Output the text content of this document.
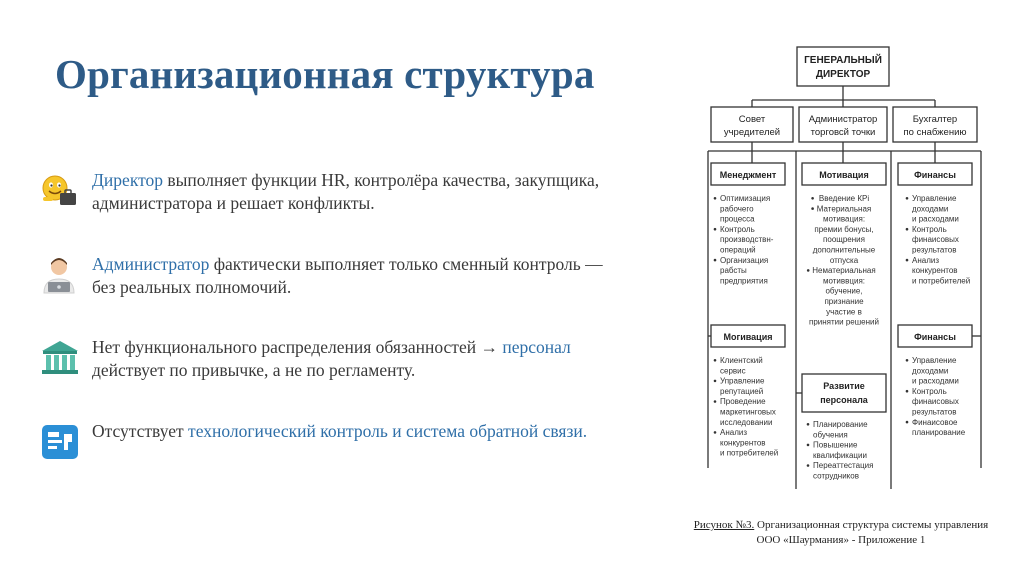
Организационная структура
Директор выполняет функции HR, контролёра качества, закупщика, администратора и решает конфликты.
Администратор фактически выполняет только сменный контроль — без реальных полномочий.
Нет функционального распределения обязанностей → персонал действует по привычке, а не по регламенту.
Отсутствует технологический контроль и система обратной связи.
ГЕНЕРАЛЬНЫЙ
ДИРЕКТОР
Совет
учредителей
Администратор
торговсй точки
Бухгалтер
по снабжению
Менеджмент	Мотивация	Финансы
Могивация
Развитие
персонала
Финансы
Оптимизация
рабочего
процесса
Контроль
производствн-
операций
Организация
рабсты
предприятия
Клиентский
сервис
Управление
репутацией
Проведение
маркетинговых
исследовании
Анализ
конкурентов
и потребителей
Введение КРі
Материальная
мотивация:
премии бонусы,
поощрения
дополнительные
отпуска
Нематериальная
мотиввция:
обучение,
признание
участие в
принятии решений
Планирование
обучения
Повышение
квалификации
Переаттестация
сотрудников
Управление
доходами
и расходами
Контроль
финаисовых
результатов
Анализ
конкурентов
и потребителей
Управление
доходами
и расходами
Контроль
финаисовых
результатов
Финаисовое
планирование
Рисунок №3. Организационная структура системы управления
ООО «Шаурмания» - Приложение 1
